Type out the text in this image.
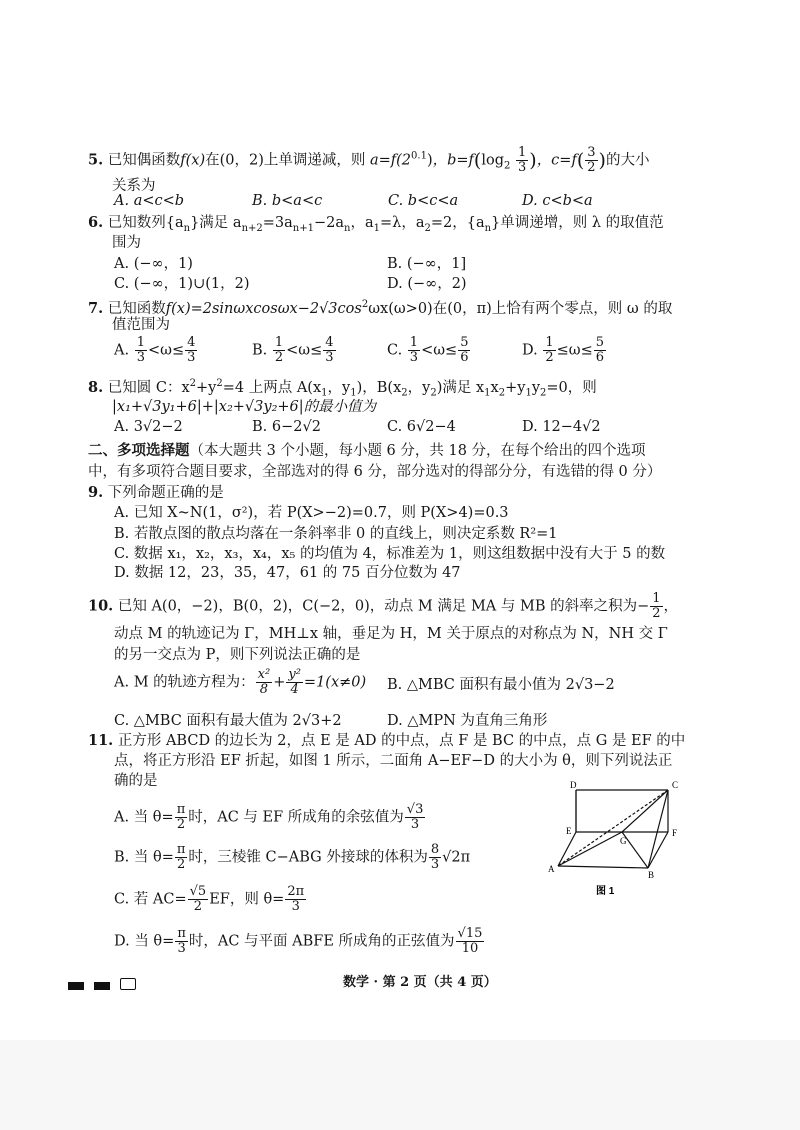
5. 已知偶函数f(x)在(0，2)上单调递减，则 $a=f(2^{0.1})$，$b=f(\log_2 \frac{1}{3}$ )，$c=f( \frac{3}{2}$ )的大小
关系为
A. a<c<b	B. b<a<c	C. b<c<a	D. c<b<a
6. 已知数列$\{a_n\}$满足 $a_{n+2}=3a_{n+1}-2a_n$，$a_1=\lambda$，$a_2=2$，$\{a_n\}$单调递增，则 λ 的取值范
围为
A. (−∞，1)	B. (−∞，1]
C. (−∞，1)∪(1，2)	D. (−∞，2)
7. 已知函数$f(x)=2\sin\omega xcos\omega x-2√3\cos^2\omega x(\omega>0)$在(0，π)上恰有两个零点，则 ω 的取
值范围为
A. $\frac{1}{3} <\omega\le \frac{4}{3}$	B. $\frac{1}{2} <\omega\le \frac{4}{3}$	C. $\frac{1}{3} <\omega\le \frac{5}{6}$	D. $\frac{1}{2} \le\omega\le \frac{5}{6}$
8. 已知圆 C：$x^2+y^2=4$ 上两点 $A(x_1$，$y_1$)，$B(x_2$，$y_2$)满足 $x_1x_2+y_1y_2=0$，则
|x₁+√3y₁+6|+|x₂+√3y₂+6|的最小值为
A. 3√2−2	B. 6−2√2	C. 6√2−4	D. 12−4√2
二、多项选择题（本大题共 3 个小题，每小题 6 分，共 18 分，在每个给出的四个选项
中，有多项符合题目要求，全部选对的得 6 分，部分选对的得部分分，有选错的得 0 分）
9. 下列命题正确的是
A. 已知 X~N(1，σ²)，若 P(X>−2)=0.7，则 P(X>4)=0.3
B. 若散点图的散点均落在一条斜率非 0 的直线上，则决定系数 R²=1
C. 数据 x₁，x₂，x₃，x₄，x₅ 的均值为 4，标准差为 1，则这组数据中没有大于 5 的数
D. 数据 12，23，35，47，61 的 75 百分位数为 47
10. 已知 A(0，−2)，B(0，2)，C(−2，0)，动点 M 满足 MA 与 MB 的斜率之积为− $\frac{1}{2}$ ，
动点 M 的轨迹记为 Γ，MH⊥x 轴，垂足为 H，M 关于原点的对称点为 N，NH 交 Γ
的另一交点为 P，则下列说法正确的是
A. M 的轨迹方程为： $\frac{\text{x²}}{8} + \frac{\text{y²}}{4} =1(x\ne 0)$ B. △MBC 面积有最小值为 2√3−2
C. △MBC 面积有最大值为 2√3+2	D. △MPN 为直角三角形
11. 正方形 ABCD 的边长为 2，点 E 是 AD 的中点，点 F 是 BC 的中点，点 G 是 EF 的中
点，将正方形沿 EF 折起，如图 1 所示，二面角 A−EF−D 的大小为 θ，则下列说法正
确的是
A. 当 $\theta= \frac{\pi}{2}$ 时，AC 与 EF 所成角的余弦值为 $\frac{√3}{3}$
B. 当 $\theta= \frac{\pi}{2}$ 时，三棱锥 C−ABG 外接球的体积为 $\frac{8}{3} √2\pi$
C. 若 $AC= \frac{√5}{2}$ EF，则 $\theta= \frac{2\pi}{3}$
D. 当 $\theta= \frac{\pi}{3}$ 时，AC 与平面 ABFE 所成角的正弦值为 $\frac{√15}{10}$
D	C
E	F
G
A
B
图 1
数学 · 第 2 页（共 4 页）
